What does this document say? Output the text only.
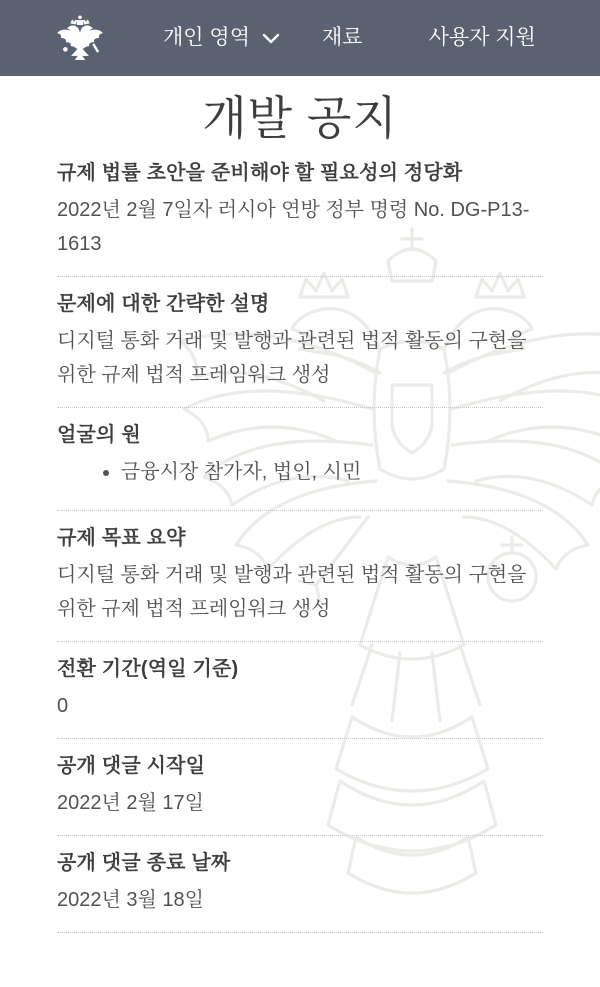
개인 영역	재료	사용자 지원
개발 공지
규제 법률 초안을 준비해야 할 필요성의 정당화

2022년 2월 7일자 러시아 연방 정부 명령 No. DG-P13-1613

문제에 대한 간략한 설명

디지털 통화 거래 및 발행과 관련된 법적 활동의 구현을 위한 규제 법적 프레임워크 생성

얼굴의 원
• 금융시장 참가자, 법인, 시민
규제 목표 요약

디지털 통화 거래 및 발행과 관련된 법적 활동의 구현을 위한 규제 법적 프레임워크 생성

전환 기간(역일 기준)

0

공개 댓글 시작일

2022년 2월 17일

공개 댓글 종료 날짜

2022년 3월 18일
